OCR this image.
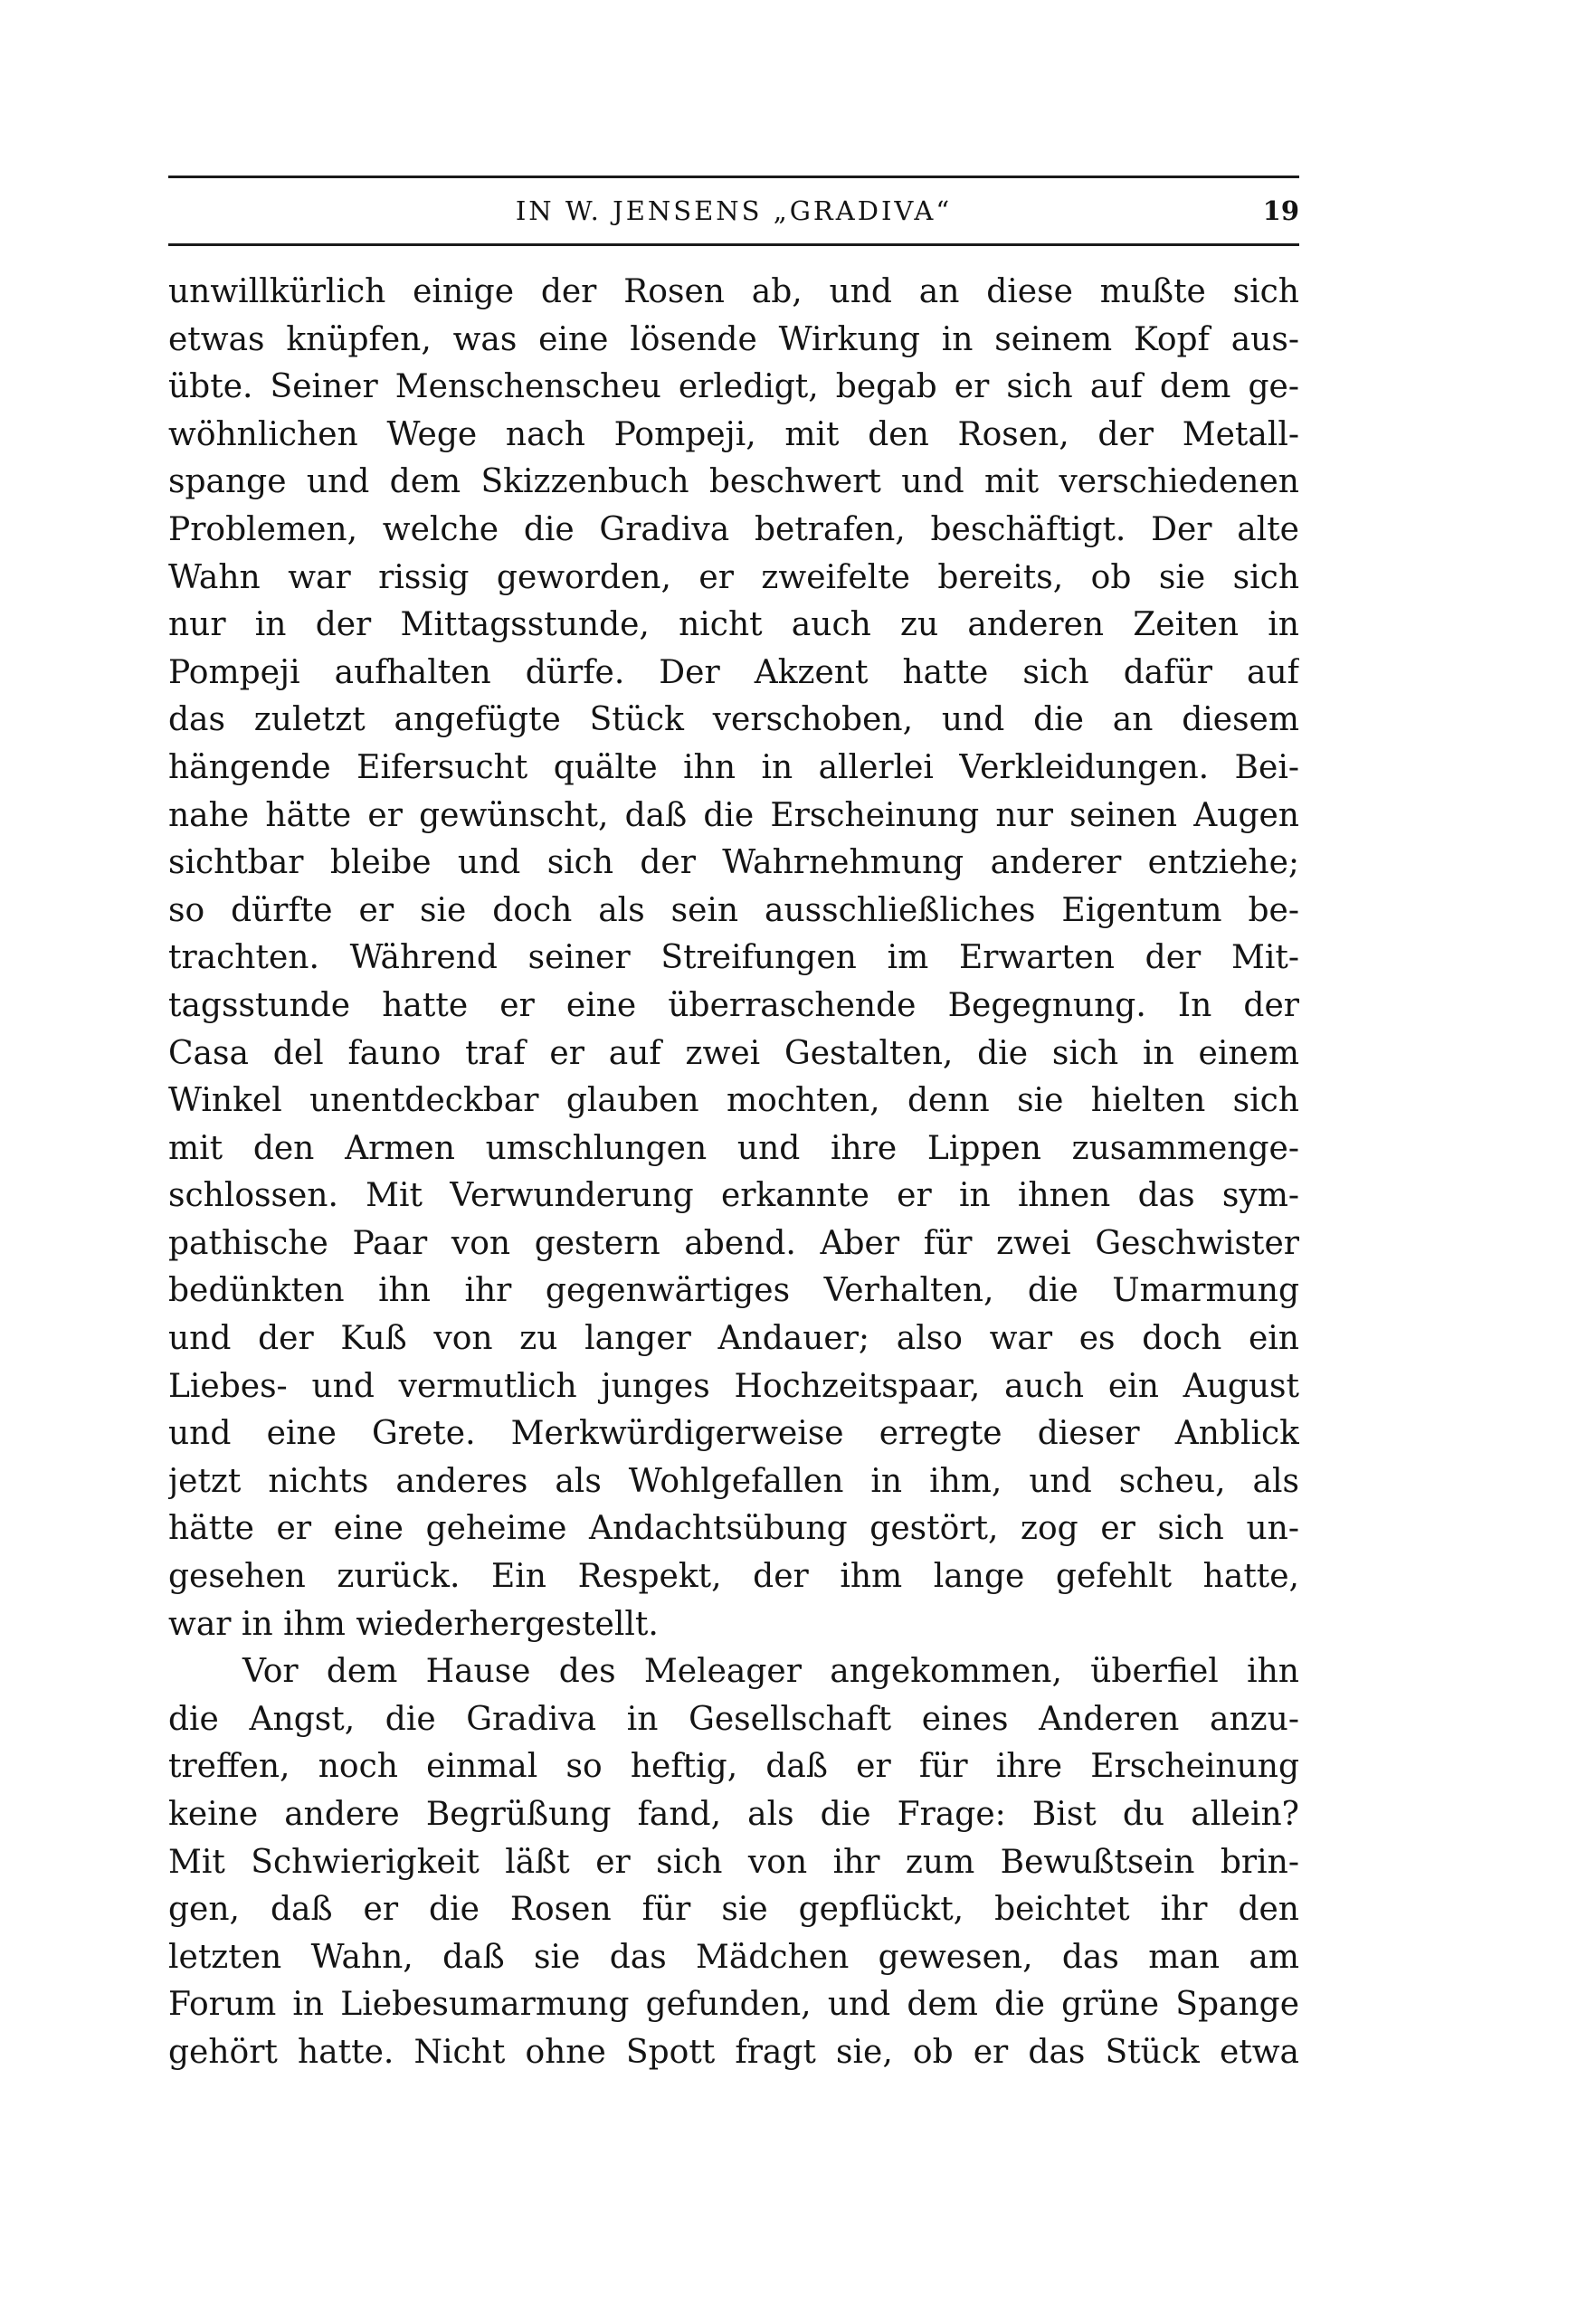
IN W. JENSENS „GRADIVA“	19
unwillkürlich einige der Rosen ab, und an diese mußte sich
etwas knüpfen, was eine lösende Wirkung in seinem Kopf aus-
übte. Seiner Menschenscheu erledigt, begab er sich auf dem ge-
wöhnlichen Wege nach Pompeji, mit den Rosen, der Metall-
spange und dem Skizzenbuch beschwert und mit verschiedenen
Problemen, welche die Gradiva betrafen, beschäftigt. Der alte
Wahn war rissig geworden, er zweifelte bereits, ob sie sich
nur in der Mittagsstunde, nicht auch zu anderen Zeiten in
Pompeji aufhalten dürfe. Der Akzent hatte sich dafür auf
das zuletzt angefügte Stück verschoben, und die an diesem
hängende Eifersucht quälte ihn in allerlei Verkleidungen. Bei-
nahe hätte er gewünscht, daß die Erscheinung nur seinen Augen
sichtbar bleibe und sich der Wahrnehmung anderer entziehe;
so dürfte er sie doch als sein ausschließliches Eigentum be-
trachten. Während seiner Streifungen im Erwarten der Mit-
tagsstunde hatte er eine überraschende Begegnung. In der
Casa del fauno traf er auf zwei Gestalten, die sich in einem
Winkel unentdeckbar glauben mochten, denn sie hielten sich
mit den Armen umschlungen und ihre Lippen zusammenge-
schlossen. Mit Verwunderung erkannte er in ihnen das sym-
pathische Paar von gestern abend. Aber für zwei Geschwister
bedünkten ihn ihr gegenwärtiges Verhalten, die Umarmung
und der Kuß von zu langer Andauer; also war es doch ein
Liebes- und vermutlich junges Hochzeitspaar, auch ein August
und eine Grete. Merkwürdigerweise erregte dieser Anblick
jetzt nichts anderes als Wohlgefallen in ihm, und scheu, als
hätte er eine geheime Andachtsübung gestört, zog er sich un-
gesehen zurück. Ein Respekt, der ihm lange gefehlt hatte,
war in ihm wiederhergestellt.
Vor dem Hause des Meleager angekommen, überfiel ihn
die Angst, die Gradiva in Gesellschaft eines Anderen anzu-
treffen, noch einmal so heftig, daß er für ihre Erscheinung
keine andere Begrüßung fand, als die Frage: Bist du allein?
Mit Schwierigkeit läßt er sich von ihr zum Bewußtsein brin-
gen, daß er die Rosen für sie gepflückt, beichtet ihr den
letzten Wahn, daß sie das Mädchen gewesen, das man am
Forum in Liebesumarmung gefunden, und dem die grüne Spange
gehört hatte. Nicht ohne Spott fragt sie, ob er das Stück etwa
